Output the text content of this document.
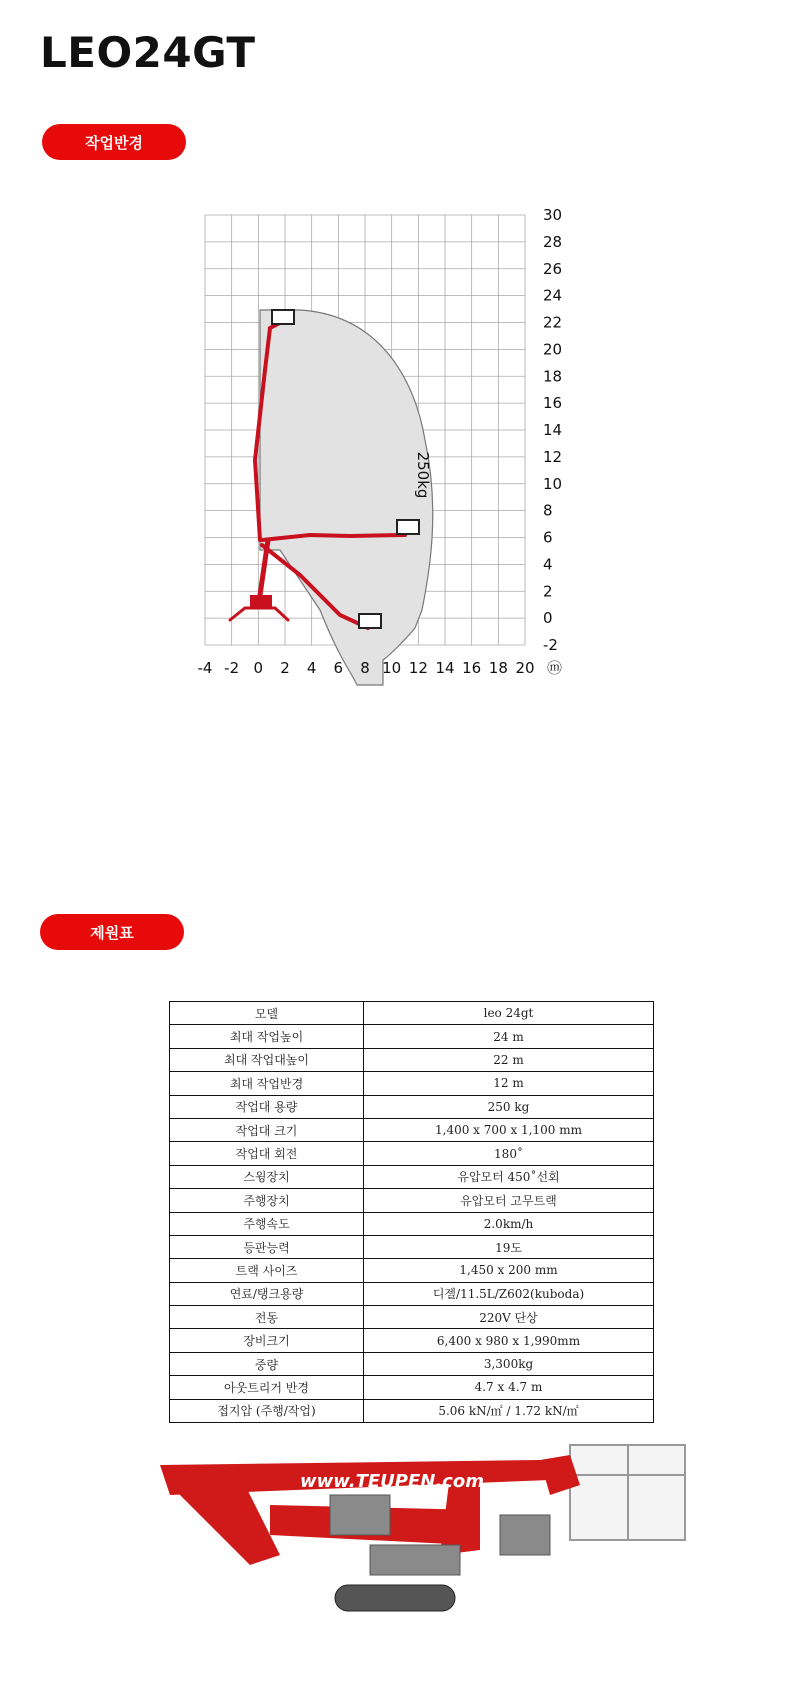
LEO24GT
작업반경
-4 -2 0 2 4 6 8 10 12 14 16 18 20
30
28
26
24
22
20
18
16
14
12
10
8
6
4
2
0
-2
ⓜ
250kg
제원표
모델	leo 24gt
최대 작업높이	24 m
최대 작업대높이	22 m
최대 작업반경	12 m
작업대 용량	250 kg
작업대 크기	1,400 x 700 x 1,100 mm
작업대 회전	180˚
스윙장치	유압모터 450˚선회
주행장치	유압모터 고무트랙
주행속도	2.0km/h
등판능력	19도
트랙 사이즈	1,450 x 200 mm
연료/탱크용량	디젤/11.5L/Z602(kuboda)
전동	220V 단상
장비크기	6,400 x 980 x 1,990mm
중량	3,300kg
아웃트리거 반경	4.7 x 4.7 m
접지압 (주행/작업)	5.06 kN/㎡ / 1.72 kN/㎡
www.TEUPEN.com
